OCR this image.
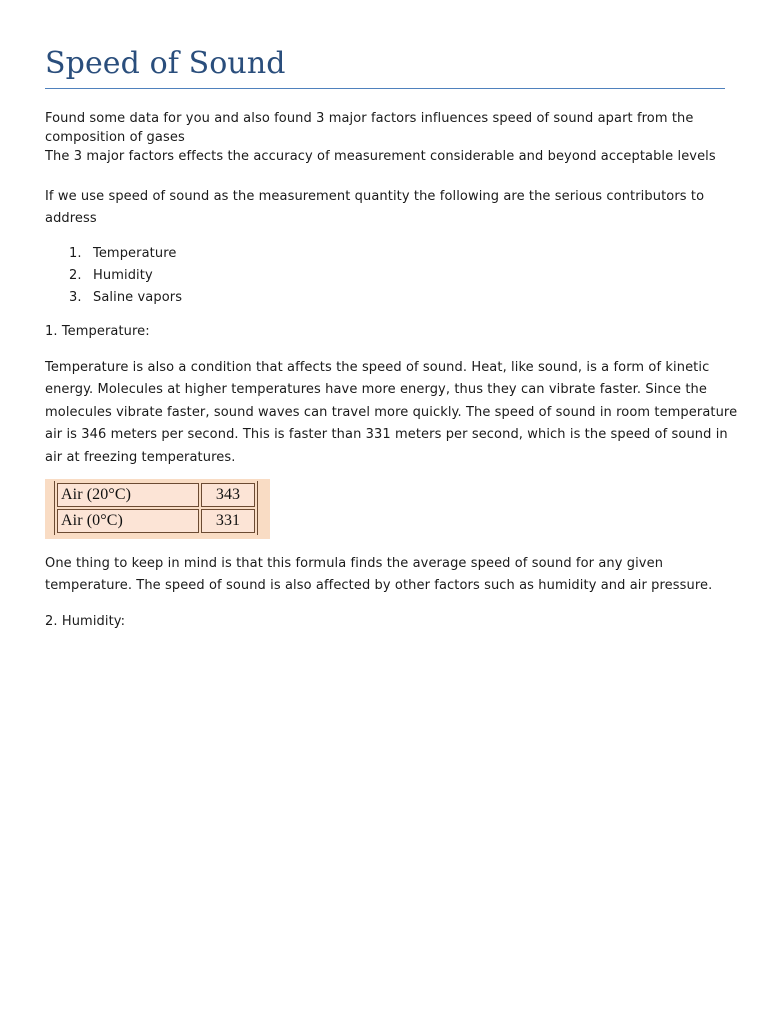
Speed of Sound

Found some data for you and also found 3 major factors influences speed of sound apart from the
composition of gases
The 3 major factors effects the accuracy of measurement considerable and beyond acceptable levels

If we use speed of sound as the measurement quantity the following are the serious contributors to
address

1. Temperature
2. Humidity
3. Saline vapors

1. Temperature:

Temperature is also a condition that affects the speed of sound. Heat, like sound, is a form of kinetic
energy. Molecules at higher temperatures have more energy, thus they can vibrate faster. Since the
molecules vibrate faster, sound waves can travel more quickly. The speed of sound in room temperature
air is 346 meters per second. This is faster than 331 meters per second, which is the speed of sound in
air at freezing temperatures.

Air (20°C)	343
Air (0°C)	331

One thing to keep in mind is that this formula finds the average speed of sound for any given
temperature. The speed of sound is also affected by other factors such as humidity and air pressure.

2. Humidity:
